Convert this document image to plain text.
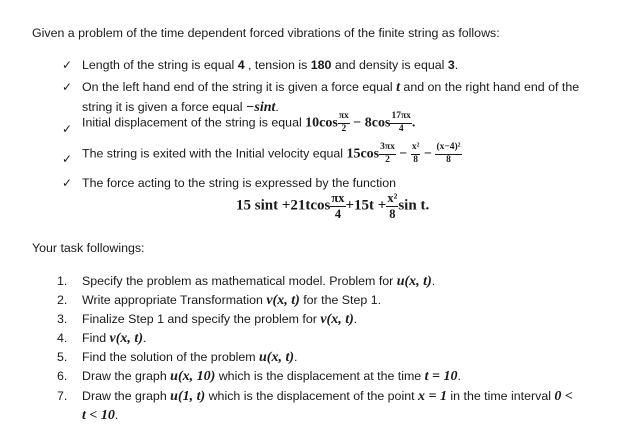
Given a problem of the time dependent forced vibrations of the finite string as follows:
✓ Length of the string is equal 4 , tension is 180 and density is equal 3.
✓ On the left hand end of the string it is given a force equal t and on the right hand end of the
string it is given a force equal −sint.
✓ Initial displacement of the string is equal $10\cos \frac{\pi x}{2} - 8\cos \frac{17\pi x}{4}$ .
✓ The string is exited with the Initial velocity equal $15\cos \frac{3\pi x}{2} - \frac{\text{x²}}{8} - \frac{\text{(x−4)²}}{8}$
✓ The force acting to the string is expressed by the function
15 $\sin t +21tcos \frac{\pi x}{4} +15t + \frac{\text{x²}}{8}$ sin t.
Your task followings:
1. Specify the problem as mathematical model. Problem for u(x, t).
2. Write appropriate Transformation v(x, t) for the Step 1.
3. Finalize Step 1 and specify the problem for v(x, t).
4. Find v(x, t).
5. Find the solution of the problem u(x, t).
6. Draw the graph u(x, 10) which is the displacement at the time t = 10.
7. Draw the graph u(1, t) which is the displacement of the point x = 1 in the time interval 0 <
t < 10.
